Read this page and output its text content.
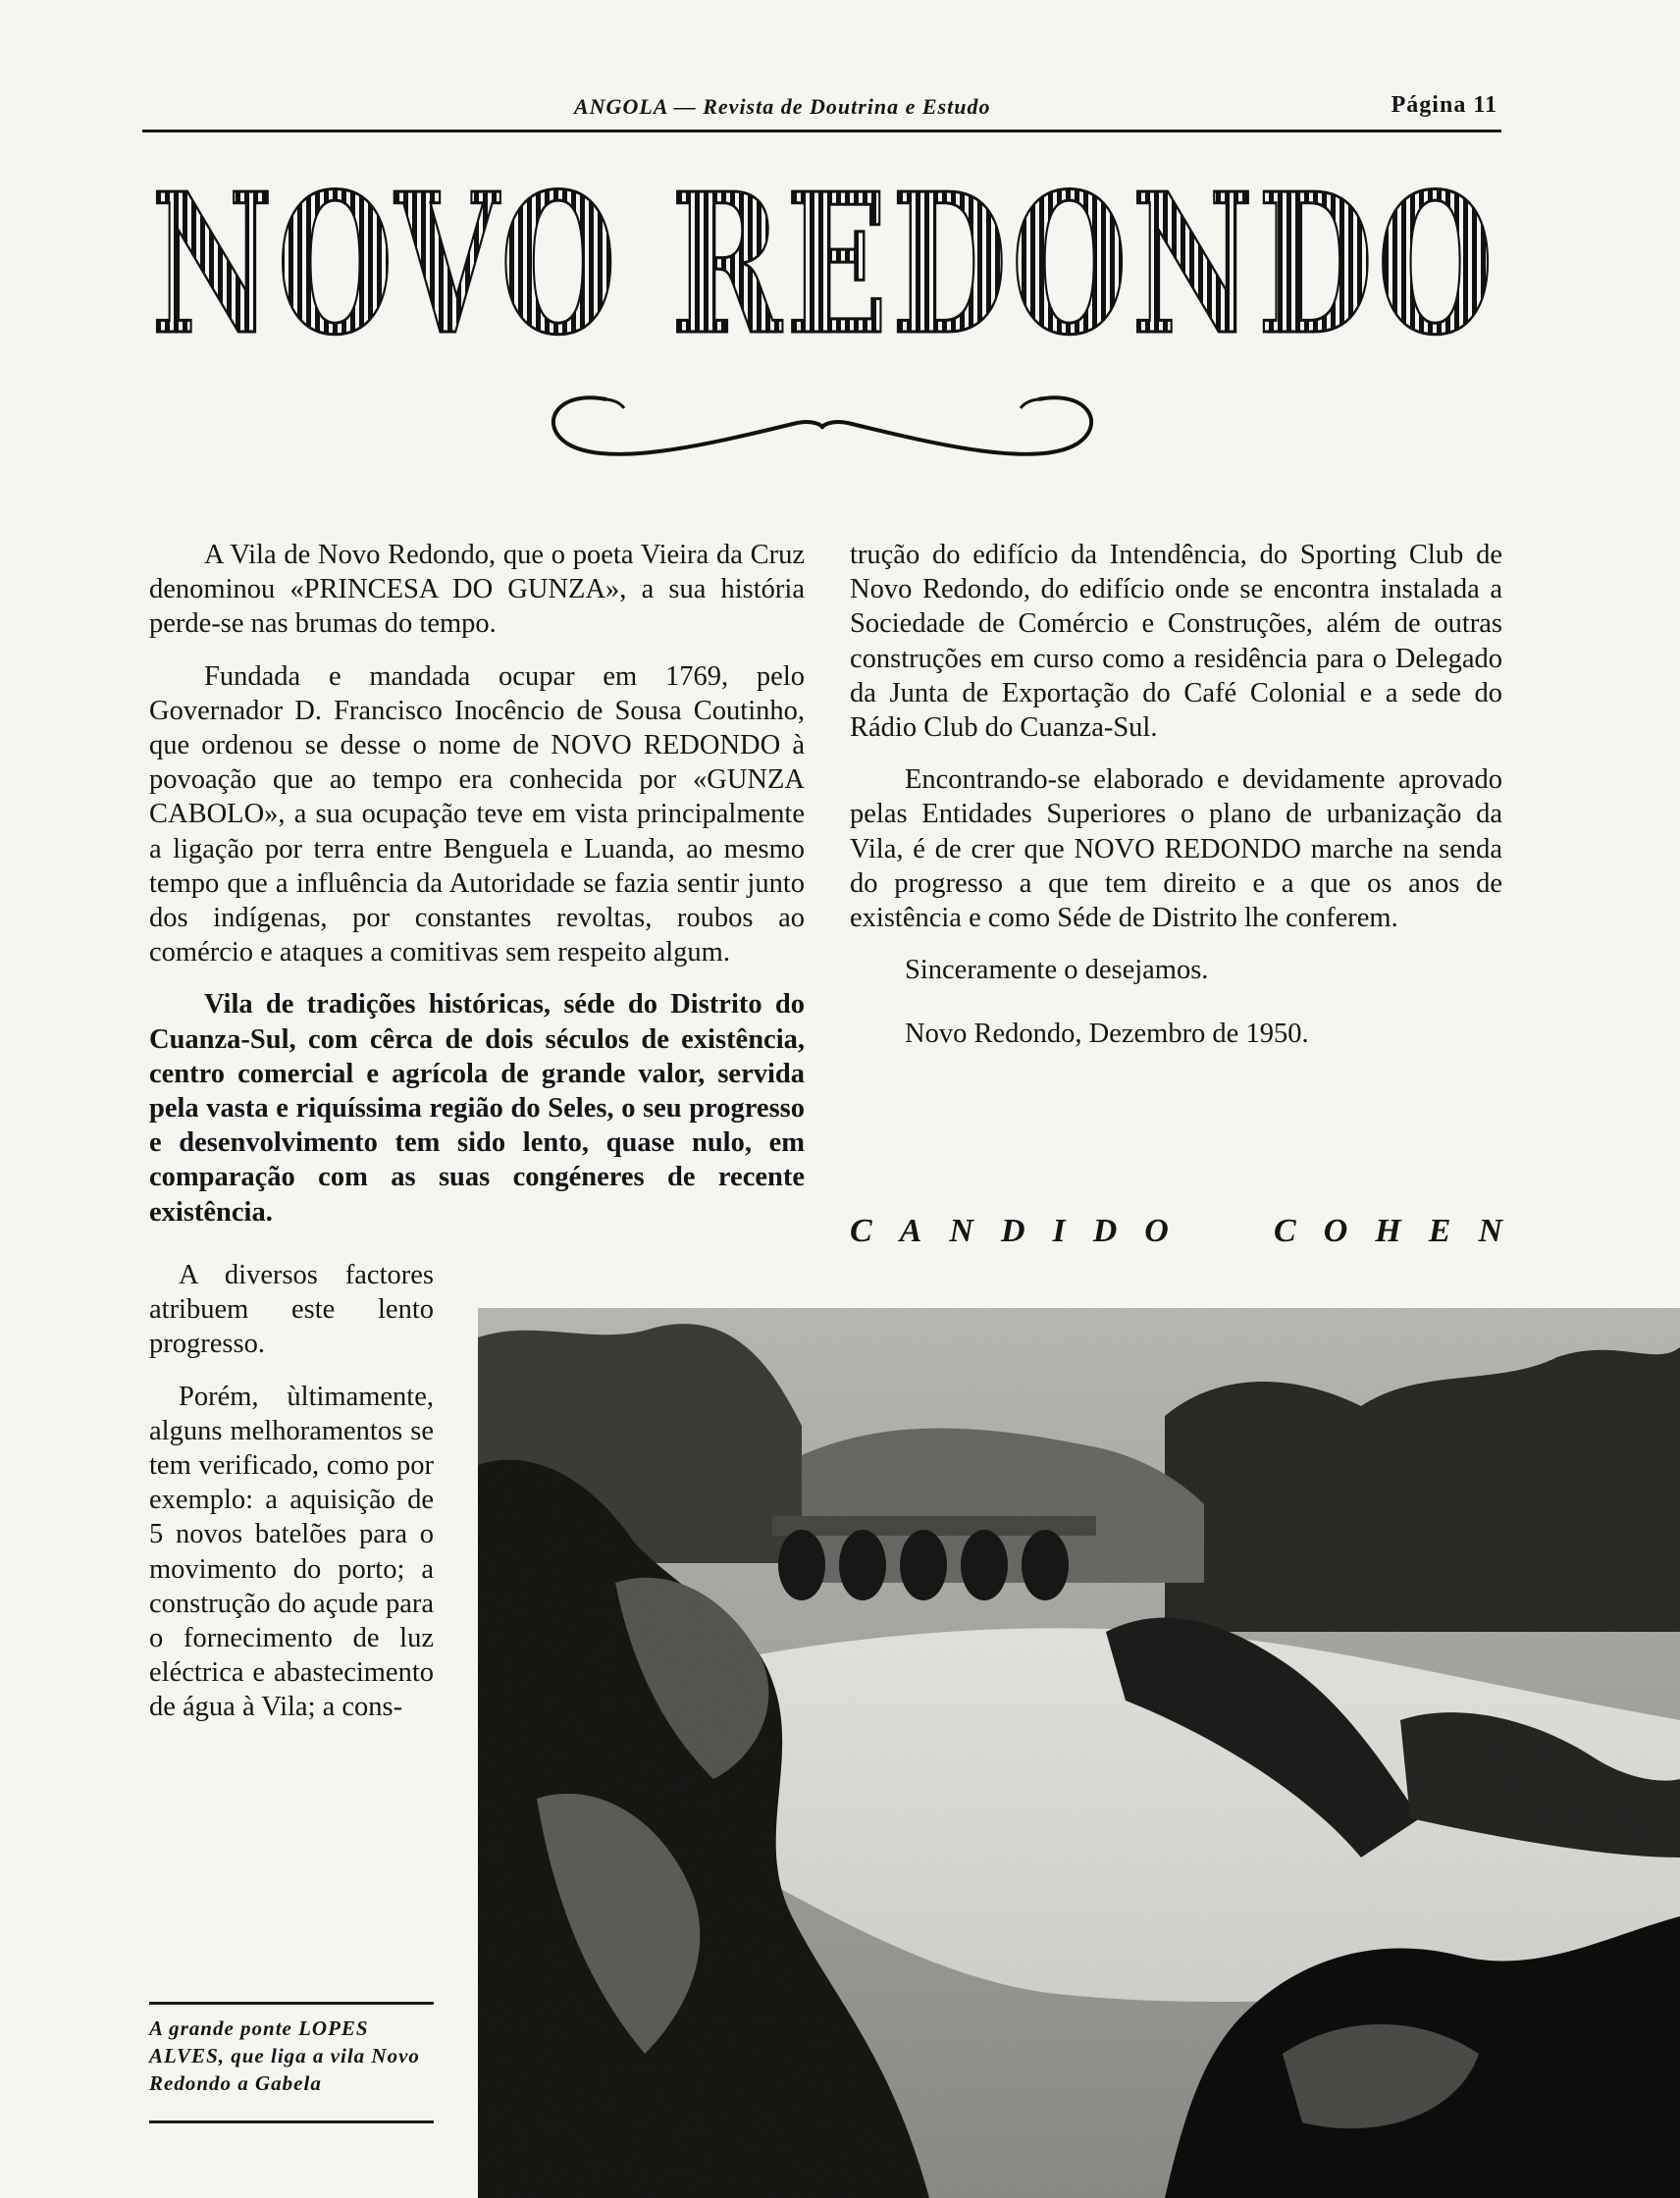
ANGOLA — Revista de Doutrina e Estudo	Página 11
NOVO REDONDO

A Vila de Novo Redondo, que o poeta Vieira da Cruz denominou «PRINCESA DO GUNZA», a sua história perde-se nas brumas do tempo.

Fundada e mandada ocupar em 1769, pelo Governador D. Francisco Inocêncio de Sousa Coutinho, que ordenou se desse o nome de NOVO REDONDO à povoação que ao tempo era conhecida por «GUNZA CABOLO», a sua ocupação teve em vista principalmente a ligação por terra entre Benguela e Luanda, ao mesmo tempo que a influência da Autoridade se fazia sentir junto dos indígenas, por constantes revoltas, roubos ao comércio e ataques a comitivas sem respeito algum.

Vila de tradições históricas, séde do Distrito do Cuanza-Sul, com cêrca de dois séculos de existência, centro comercial e agrícola de grande valor, servida pela vasta e riquíssima região do Seles, o seu progresso e desenvolvimento tem sido lento, quase nulo, em comparação com as suas congéneres de recente existência.

A diversos factores atribuem este lento progresso.

Porém, ùltimamente, alguns melhoramentos se tem verificado, como por exemplo: a aquisição de 5 novos batelões para o movimento do porto; a construção do açude para o fornecimento de luz eléctrica e abastecimento de água à Vila; a cons-

trução do edifício da Intendência, do Sporting Club de Novo Redondo, do edifício onde se encontra instalada a Sociedade de Comércio e Construções, além de outras construções em curso como a residência para o Delegado da Junta de Exportação do Café Colonial e a sede do Rádio Club do Cuanza-Sul.

Encontrando-se elaborado e devidamente aprovado pelas Entidades Superiores o plano de urbanização da Vila, é de crer que NOVO REDONDO marche na senda do progresso a que tem direito e a que os anos de existência e como Séde de Distrito lhe conferem.

Sinceramente o desejamos.

Novo Redondo, Dezembro de 1950.

C A N D I D O	C O H E N
A grande ponte LOPES ALVES, que liga a vila Novo Redondo a Gabela
